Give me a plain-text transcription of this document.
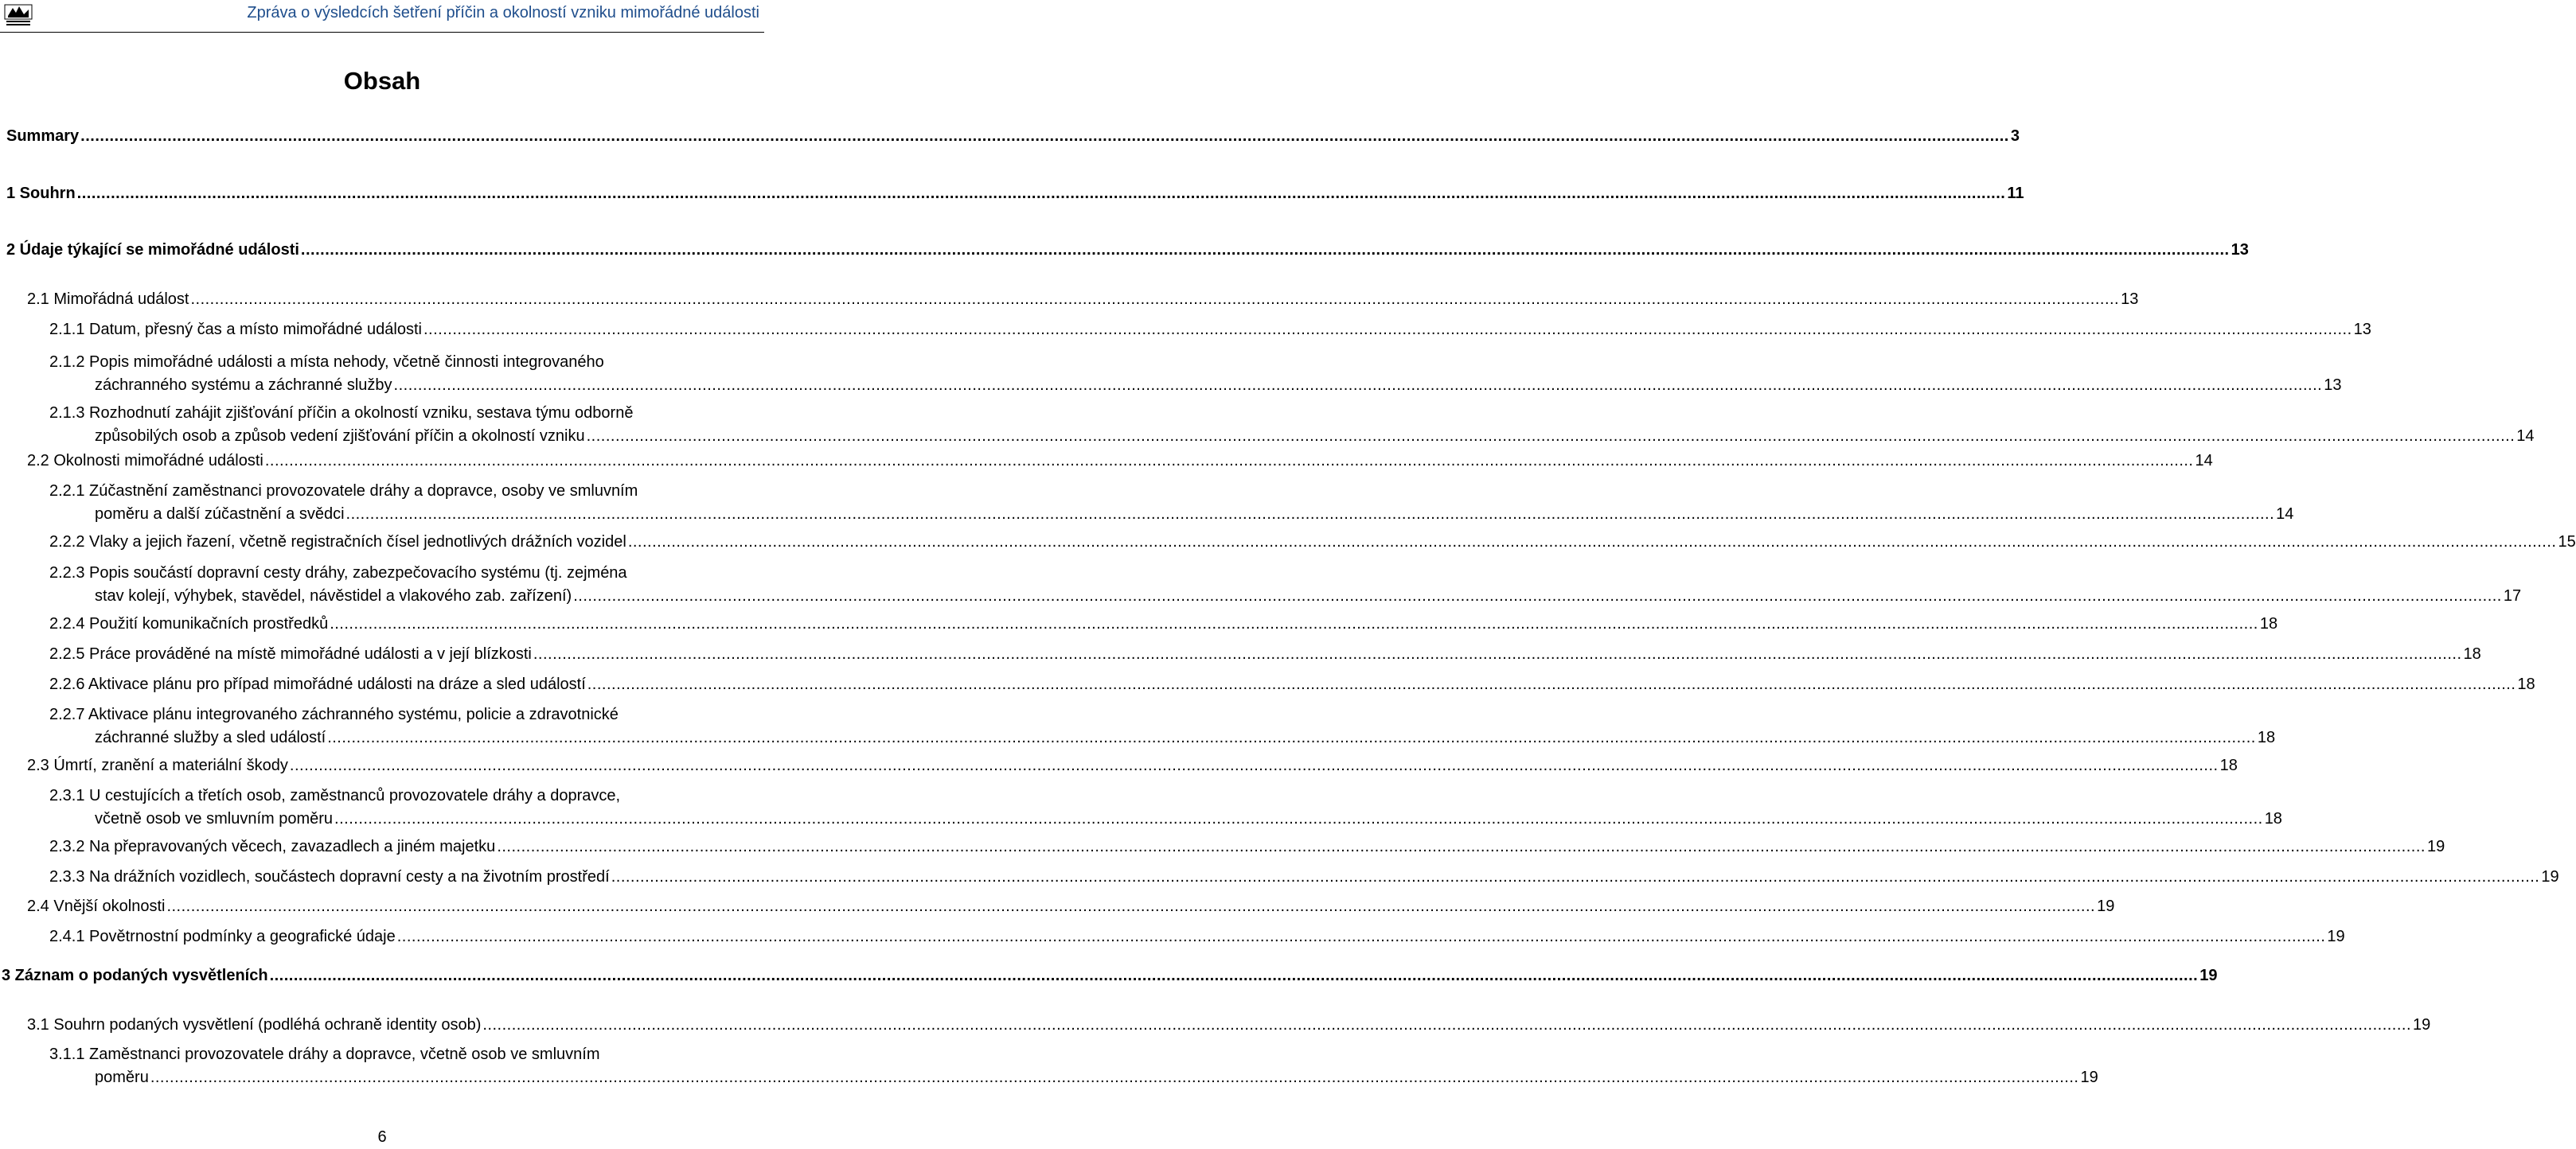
Zpráva o výsledcích šetření příčin a okolností vzniku mimořádné události
Obsah
Summary ................................................................................................................................................................................................................................................................................................................................................................................................................ 3
1 Souhrn ................................................................................................................................................................................................................................................................................................................................................................................................................ 11
2 Údaje týkající se mimořádné události ................................................................................................................................................................................................................................................................................................................................................................................................................ 13
2.1 Mimořádná událost ................................................................................................................................................................................................................................................................................................................................................................................................................ 13
2.1.1 Datum, přesný čas a místo mimořádné události ................................................................................................................................................................................................................................................................................................................................................................................................................ 13
2.1.2 Popis mimořádné události a místa nehody, včetně činnosti integrovaného
záchranného systému a záchranné služby ................................................................................................................................................................................................................................................................................................................................................................................................................ 13
2.1.3 Rozhodnutí zahájit zjišťování příčin a okolností vzniku, sestava týmu odborně
způsobilých osob a způsob vedení zjišťování příčin a okolností vzniku ................................................................................................................................................................................................................................................................................................................................................................................................................ 14
2.2 Okolnosti mimořádné události ................................................................................................................................................................................................................................................................................................................................................................................................................ 14
2.2.1 Zúčastnění zaměstnanci provozovatele dráhy a dopravce, osoby ve smluvním
poměru a další zúčastnění a svědci ................................................................................................................................................................................................................................................................................................................................................................................................................ 14
2.2.2 Vlaky a jejich řazení, včetně registračních čísel jednotlivých drážních vozidel ................................................................................................................................................................................................................................................................................................................................................................................................................ 15
2.2.3 Popis součástí dopravní cesty dráhy, zabezpečovacího systému (tj. zejména
stav kolejí, výhybek, stavědel, návěstidel a vlakového zab. zařízení) ................................................................................................................................................................................................................................................................................................................................................................................................................ 17
2.2.4 Použití komunikačních prostředků ................................................................................................................................................................................................................................................................................................................................................................................................................ 18
2.2.5 Práce prováděné na místě mimořádné události a v její blízkosti ................................................................................................................................................................................................................................................................................................................................................................................................................ 18
2.2.6 Aktivace plánu pro případ mimořádné události na dráze a sled událostí ................................................................................................................................................................................................................................................................................................................................................................................................................ 18
2.2.7 Aktivace plánu integrovaného záchranného systému, policie a zdravotnické
záchranné služby a sled událostí ................................................................................................................................................................................................................................................................................................................................................................................................................ 18
2.3 Úmrtí, zranění a materiální škody ................................................................................................................................................................................................................................................................................................................................................................................................................ 18
2.3.1 U cestujících a třetích osob, zaměstnanců provozovatele dráhy a dopravce,
včetně osob ve smluvním poměru ................................................................................................................................................................................................................................................................................................................................................................................................................ 18
2.3.2 Na přepravovaných věcech, zavazadlech a jiném majetku ................................................................................................................................................................................................................................................................................................................................................................................................................ 19
2.3.3 Na drážních vozidlech, součástech dopravní cesty a na životním prostředí ................................................................................................................................................................................................................................................................................................................................................................................................................ 19
2.4 Vnější okolnosti ................................................................................................................................................................................................................................................................................................................................................................................................................ 19
2.4.1 Povětrnostní podmínky a geografické údaje ................................................................................................................................................................................................................................................................................................................................................................................................................ 19
3 Záznam o podaných vysvětleních ................................................................................................................................................................................................................................................................................................................................................................................................................ 19
3.1 Souhrn podaných vysvětlení (podléhá ochraně identity osob) ................................................................................................................................................................................................................................................................................................................................................................................................................ 19
3.1.1 Zaměstnanci provozovatele dráhy a dopravce, včetně osob ve smluvním
poměru ................................................................................................................................................................................................................................................................................................................................................................................................................ 19
6
